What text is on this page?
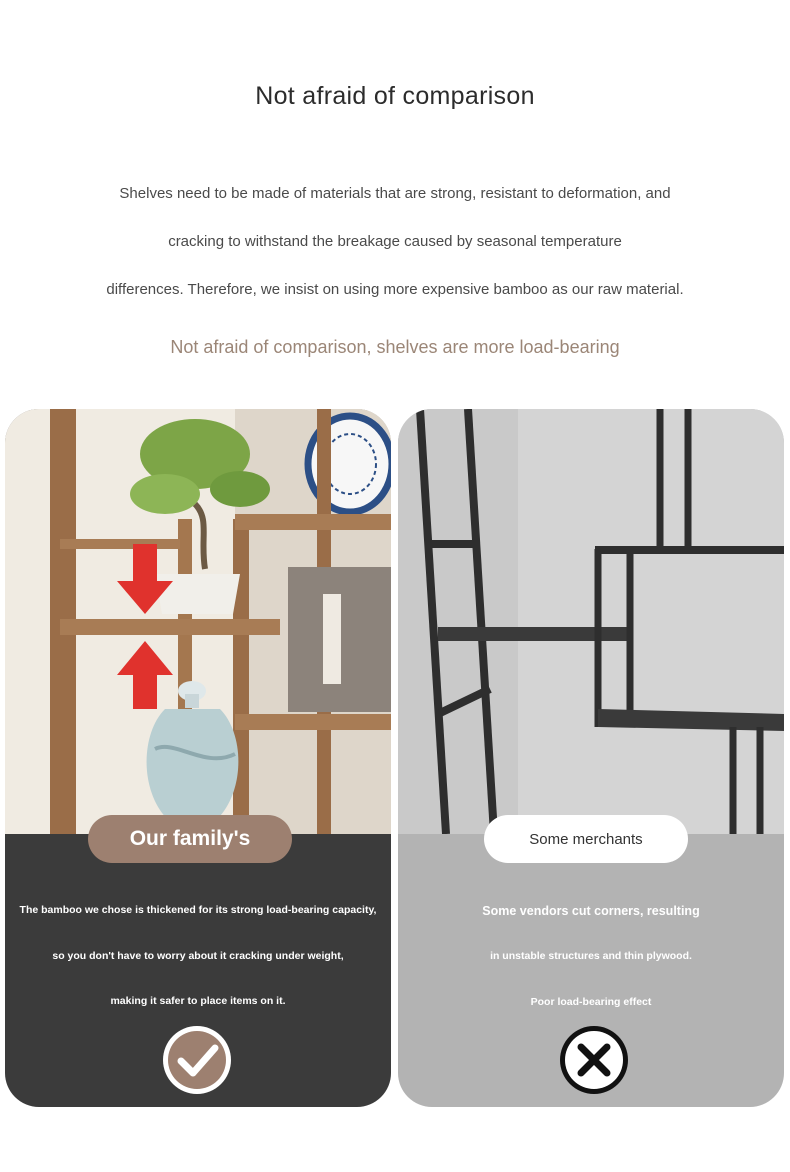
Not afraid of comparison
Shelves need to be made of materials that are strong, resistant to deformation, and
cracking to withstand the breakage caused by seasonal temperature
differences. Therefore, we insist on using more expensive bamboo as our raw material.
Not afraid of comparison, shelves are more load-bearing
Our family's
The bamboo we chose is thickened for its strong load-bearing capacity,
so you don't have to worry about it cracking under weight,
making it safer to place items on it.
Some merchants
Some vendors cut corners, resulting
in unstable structures and thin plywood.
Poor load-bearing effect
